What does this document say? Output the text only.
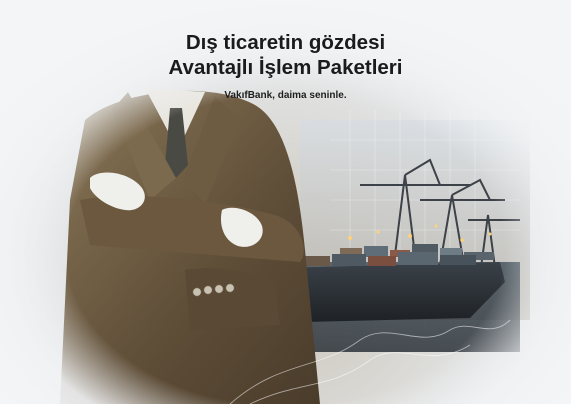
Dış ticaretin gözdesi
Avantajlı İşlem Paketleri

VakıfBank, daima seninle.
